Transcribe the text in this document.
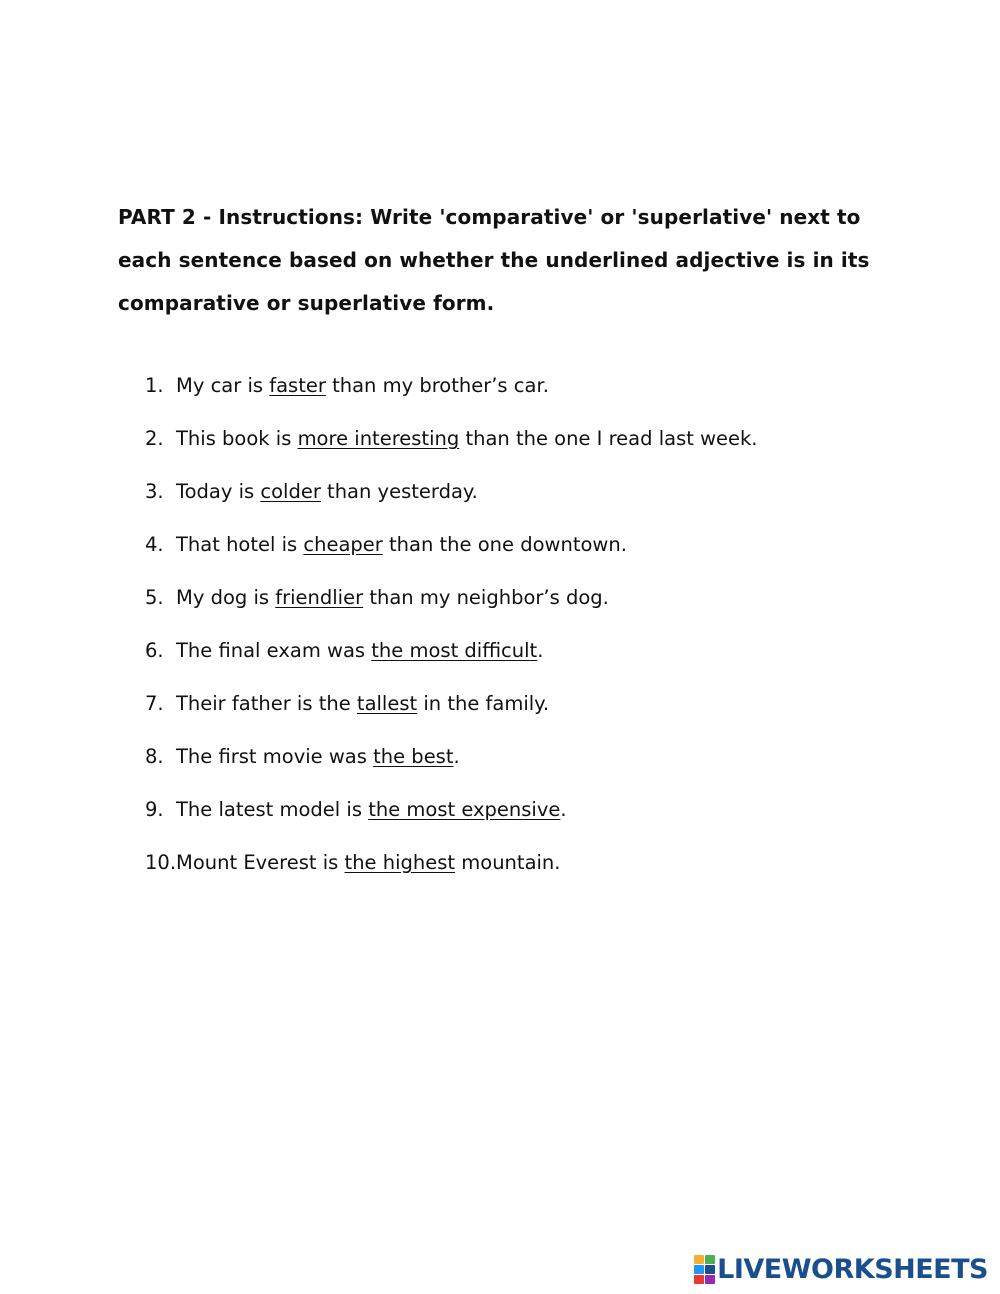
PART 2 - Instructions: Write 'comparative' or 'superlative' next to each sentence based on whether the underlined adjective is in its comparative or superlative form.

1. My car is faster than my brother’s car.
2. This book is more interesting than the one I read last week.
3. Today is colder than yesterday.
4. That hotel is cheaper than the one downtown.
5. My dog is friendlier than my neighbor’s dog.
6. The final exam was the most difficult.
7. Their father is the tallest in the family.
8. The first movie was the best.
9. The latest model is the most expensive.
10. Mount Everest is the highest mountain.
LIVEWORKSHEETS
